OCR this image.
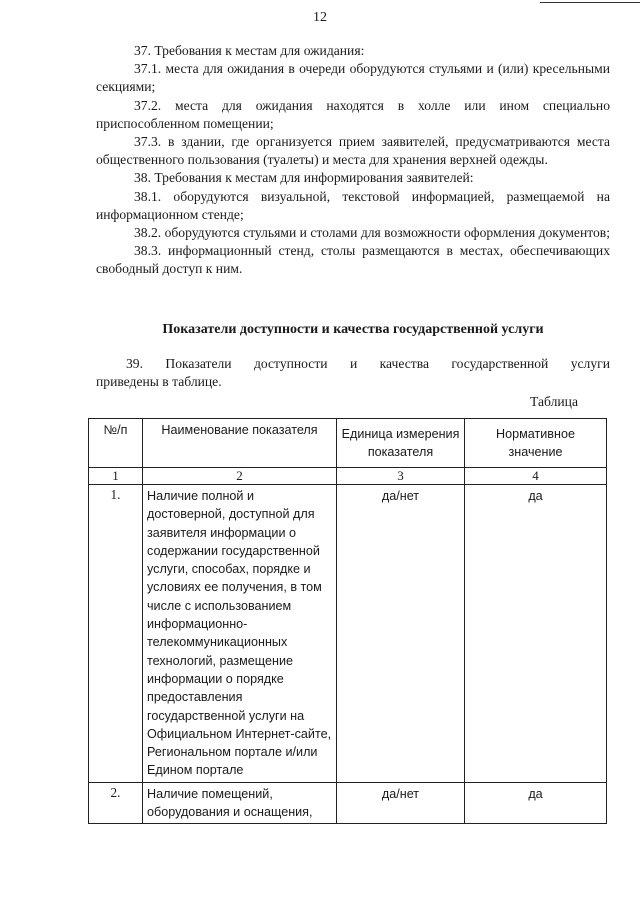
12

37. Требования к местам для ожидания:

37.1. места для ожидания в очереди оборудуются стульями и (или) кресельными секциями;

37.2. места для ожидания находятся в холле или ином специально приспособленном помещении;

37.3. в здании, где организуется прием заявителей, предусматриваются места общественного пользования (туалеты) и места для хранения верхней одежды.

38. Требования к местам для информирования заявителей:

38.1. оборудуются визуальной, текстовой информацией, размещаемой на информационном стенде;

38.2. оборудуются стульями и столами для возможности оформления документов;

38.3. информационный стенд, столы размещаются в местах, обеспечивающих свободный доступ к ним.

Показатели доступности и качества государственной услуги

39. Показатели доступности и качества государственной услуги

приведены в таблице.
Таблица
№/п	Наименование показателя	Единица измерения показателя	Нормативное значение
1	2	3	4
1.	Наличие полной и достоверной, доступной для заявителя информации о содержании государственной услуги, способах, порядке и условиях ее получения, в том числе с использованием информационно-телекоммуникационных технологий, размещение информации о порядке предоставления государственной услуги на Официальном Интернет-сайте, Региональном портале и/или Едином портале	да/нет	да
2.	Наличие помещений, оборудования и оснащения,	да/нет	да
